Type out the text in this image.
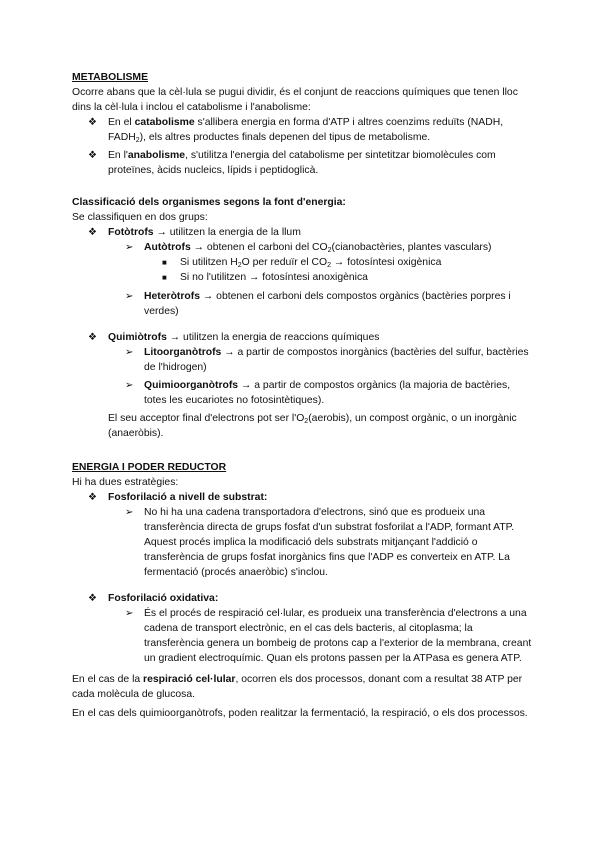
METABOLISME

Ocorre abans que la cèl·lula se pugui dividir, és el conjunt de reaccions químiques que tenen lloc dins la cèl·lula i inclou el catabolisme i l'anabolisme:

❖ En el catabolisme s'allibera energia en forma d'ATP i altres coenzims reduïts (NADH, $FADH_2$), els altres productes finals depenen del tipus de metabolisme.

❖ En l'anabolisme, s'utilitza l'energia del catabolisme per sintetitzar biomolècules com proteïnes, àcids nucleics, lípids i peptidoglicà.

Classificació dels organismes segons la font d'energia:

Se classifiquen en dos grups:

❖ Fotòtrofs → utilitzen la energia de la llum

➢ Autòtrofs → obtenen el carboni del $CO_2(cianobactèries$, plantes vasculars)

■ Si utilitzen $H_2O$ per reduïr el $CO_2$ → fotosíntesi oxigènica

■ Si no l'utilitzen → fotosíntesi anoxigènica

➢ Heteròtrofs → obtenen el carboni dels compostos orgànics (bactèries porpres i verdes)

❖ Quimiòtrofs → utilitzen la energia de reaccions químiques

➢ Litoorganòtrofs → a partir de compostos inorgànics (bactèries del sulfur, bactèries de l'hidrogen)

➢ Quimioorganòtrofs → a partir de compostos orgànics (la majoria de bactèries, totes les eucariotes no fotosintètiques).

El seu acceptor final d'electrons pot ser $l'O_2(aerobis)$, un compost orgànic, o un inorgànic (anaeròbis).

ENERGIA I PODER REDUCTOR

Hi ha dues estratègies:

❖ Fosforilació a nivell de substrat:

➢ No hi ha una cadena transportadora d'electrons, sinó que es produeix una transferència directa de grups fosfat d'un substrat fosforilat a l'ADP, formant ATP. Aquest procés implica la modificació dels substrats mitjançant l'addició o transferència de grups fosfat inorgànics fins que l'ADP es converteix en ATP. La fermentació (procés anaeròbic) s'inclou.

❖ Fosforilació oxidativa:

➢ És el procés de respiració cel·lular, es produeix una transferència d'electrons a una cadena de transport electrònic, en el cas dels bacteris, al citoplasma; la transferència genera un bombeig de protons cap a l'exterior de la membrana, creant un gradient electroquímic. Quan els protons passen per la ATPasa es genera ATP.

En el cas de la respiració cel·lular, ocorren els dos processos, donant com a resultat 38 ATP per cada molècula de glucosa.

En el cas dels quimioorganòtrofs, poden realitzar la fermentació, la respiració, o els dos processos.
